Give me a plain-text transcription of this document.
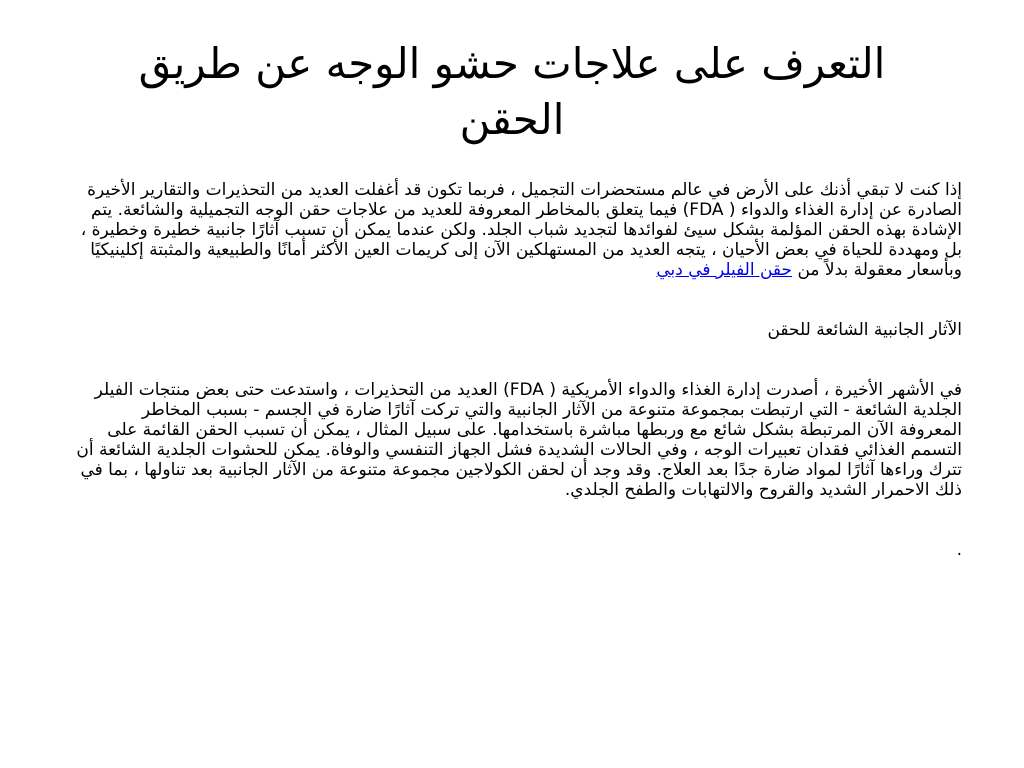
التعرف على علاجات حشو الوجه عن طريق الحقن

إذا كنت لا تبقي أذنك على الأرض في عالم مستحضرات التجميل ، فربما تكون قد أغفلت العديد من التحذيرات والتقارير الأخيرة الصادرة عن إدارة الغذاء والدواء ( FDA) فيما يتعلق بالمخاطر المعروفة للعديد من علاجات حقن الوجه التجميلية والشائعة. يتم الإشادة بهذه الحقن المؤلمة بشكل سيئ لفوائدها لتجديد شباب الجلد. ولكن عندما يمكن أن تسبب آثارًا جانبية خطيرة وخطيرة ، بل ومهددة للحياة في بعض الأحيان ، يتجه العديد من المستهلكين الآن إلى كريمات العين الأكثر أمانًا والطبيعية والمثبتة إكلينيكيًا وبأسعار معقولة بدلاً من حقن الفيلر في دبي

الآثار الجانبية الشائعة للحقن

في الأشهر الأخيرة ، أصدرت إدارة الغذاء والدواء الأمريكية ( FDA) العديد من التحذيرات ، واستدعت حتى بعض منتجات الفيلر الجلدية الشائعة - التي ارتبطت بمجموعة متنوعة من الآثار الجانبية والتي تركت آثارًا ضارة في الجسم - بسبب المخاطر المعروفة الآن المرتبطة بشكل شائع مع وربطها مباشرة باستخدامها. على سبيل المثال ، يمكن أن تسبب الحقن القائمة على التسمم الغذائي فقدان تعبيرات الوجه ، وفي الحالات الشديدة فشل الجهاز التنفسي والوفاة. يمكن للحشوات الجلدية الشائعة أن تترك وراءها آثارًا لمواد ضارة جدًا بعد العلاج. وقد وجد أن لحقن الكولاجين مجموعة متنوعة من الآثار الجانبية بعد تناولها ، بما في ذلك الاحمرار الشديد والقروح والالتهابات والطفح الجلدي.

.
